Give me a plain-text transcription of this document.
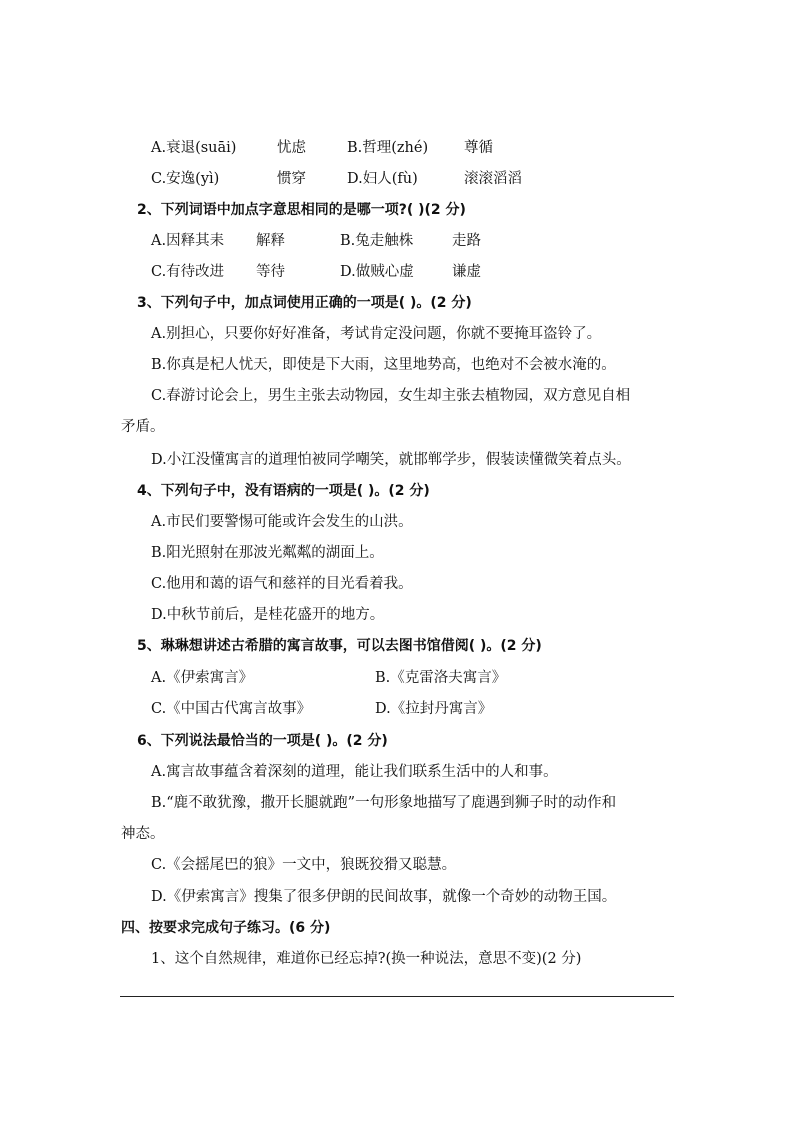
A.衰退(suāi)	忧虑	B.哲理(zhé) 尊循
C.安逸(yì)	惯穿	D.妇人(fù)	滚滚滔滔
2、下列词语中加点字意思相同的是哪一项?( )(2 分)
A.因释其耒 解释	B.兔走触株	走路
C.有待改进 等待	D.做贼心虚	谦虚
3、下列句子中，加点词使用正确的一项是( )。(2 分)
A.别担心，只要你好好准备，考试肯定没问题，你就不要掩耳盗铃了。
B.你真是杞人忧天，即使是下大雨，这里地势高，也绝对不会被水淹的。
C.春游讨论会上，男生主张去动物园，女生却主张去植物园，双方意见自相
矛盾。
D.小江没懂寓言的道理怕被同学嘲笑，就邯郸学步，假装读懂微笑着点头。
4、下列句子中，没有语病的一项是( )。(2 分)
A.市民们要警惕可能或许会发生的山洪。
B.阳光照射在那波光粼粼的湖面上。
C.他用和蔼的语气和慈祥的目光看着我。
D.中秋节前后，是桂花盛开的地方。
5、琳琳想讲述古希腊的寓言故事，可以去图书馆借阅( )。(2 分)
A.《伊索寓言》	B.《克雷洛夫寓言》
C.《中国古代寓言故事》	D.《拉封丹寓言》
6、下列说法最恰当的一项是( )。(2 分)
A.寓言故事蕴含着深刻的道理，能让我们联系生活中的人和事。
B.“鹿不敢犹豫，撒开长腿就跑”一句形象地描写了鹿遇到狮子时的动作和
神态。
C.《会摇尾巴的狼》一文中，狼既狡猾又聪慧。
D.《伊索寓言》搜集了很多伊朗的民间故事，就像一个奇妙的动物王国。
四、按要求完成句子练习。(6 分)
1、这个自然规律，难道你已经忘掉?(换一种说法，意思不变)(2 分)
